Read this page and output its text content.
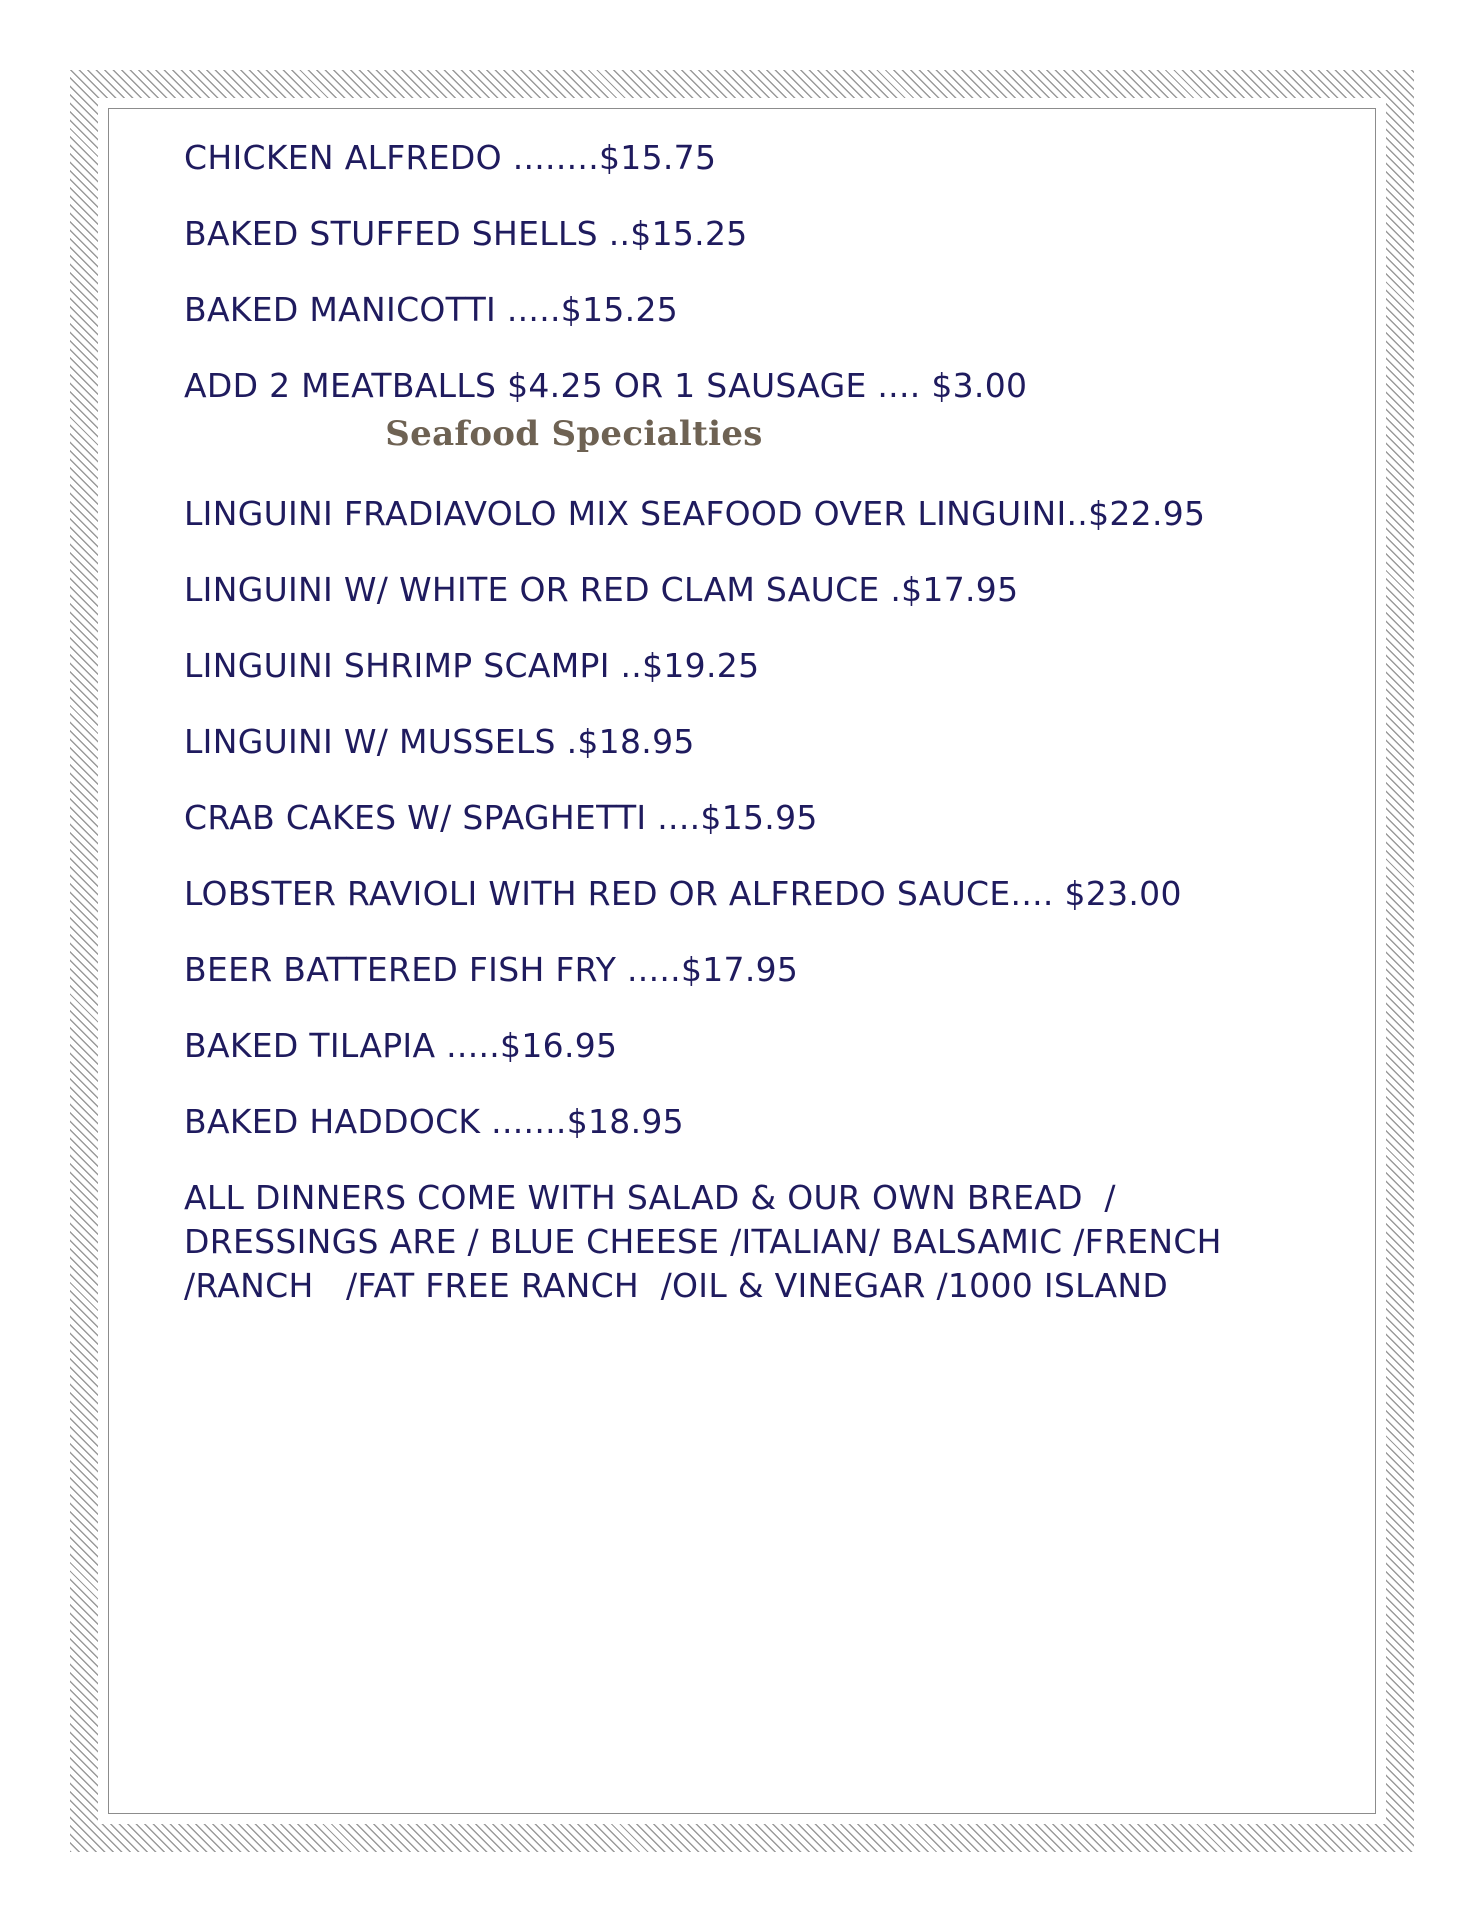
CHICKEN ALFREDO ........$15.75
BAKED STUFFED SHELLS ..$15.25
BAKED MANICOTTI .....$15.25
ADD 2 MEATBALLS $4.25 OR 1 SAUSAGE .... $3.00
Seafood Specialties
LINGUINI FRADIAVOLO MIX SEAFOOD OVER LINGUINI..$22.95
LINGUINI W/ WHITE OR RED CLAM SAUCE .$17.95
LINGUINI SHRIMP SCAMPI ..$19.25
LINGUINI W/ MUSSELS .$18.95
CRAB CAKES W/ SPAGHETTI ....$15.95
LOBSTER RAVIOLI WITH RED OR ALFREDO SAUCE.... $23.00
BEER BATTERED FISH FRY .....$17.95
BAKED TILAPIA .....$16.95
BAKED HADDOCK .......$18.95
ALL DINNERS COME WITH SALAD & OUR OWN BREAD  / DRESSINGS ARE / BLUE CHEESE /ITALIAN/ BALSAMIC /FRENCH /RANCH   /FAT FREE RANCH  /OIL & VINEGAR /1000 ISLAND
